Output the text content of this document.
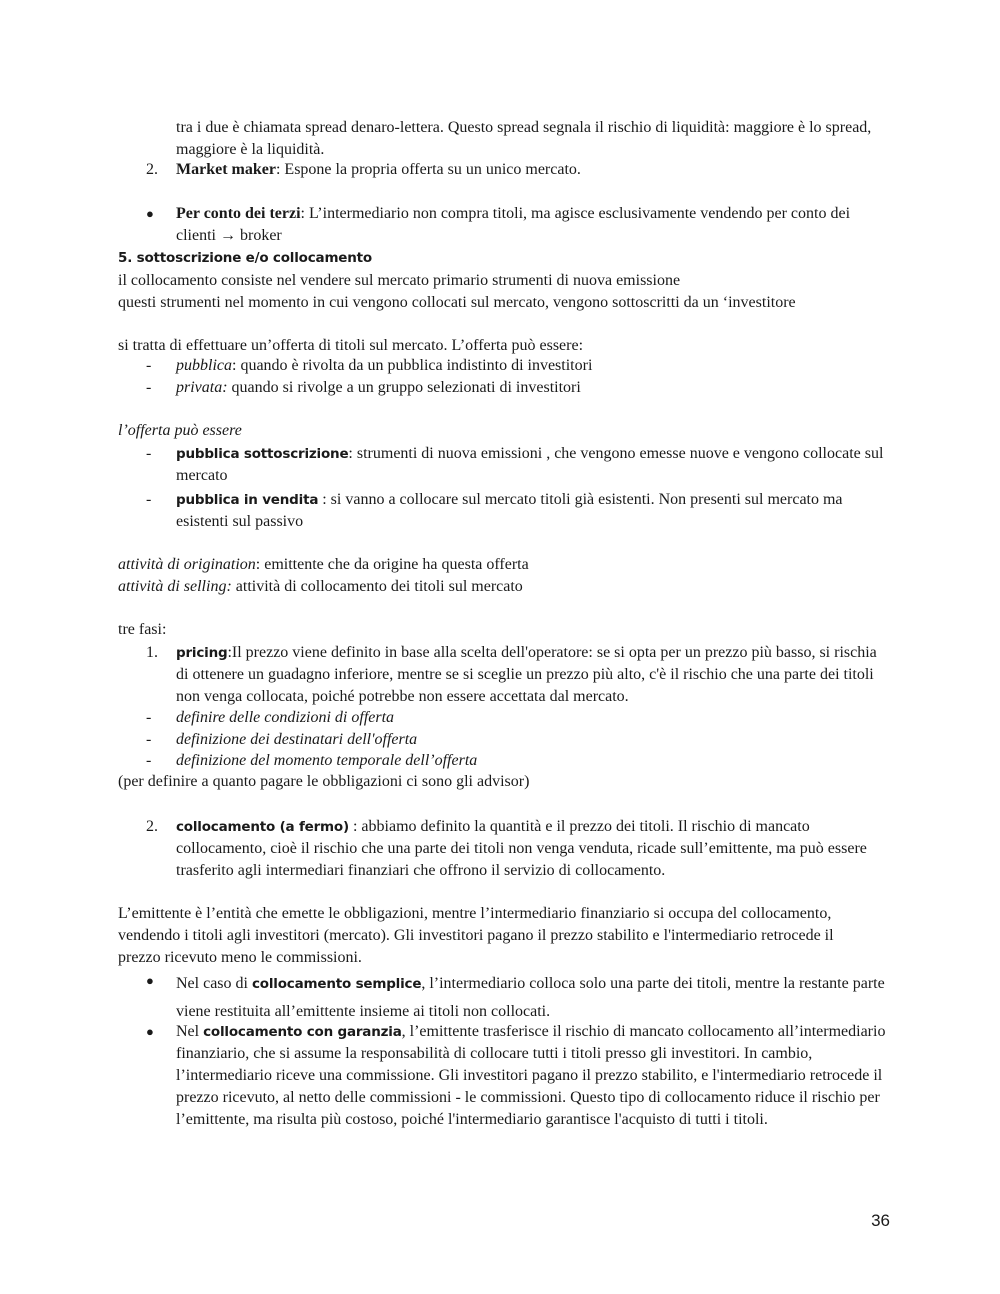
tra i due è chiamata spread denaro-lettera. Questo spread segnala il rischio di liquidità: maggiore è lo spread, maggiore è la liquidità.

2.	Market maker: Espone la propria offerta su un unico mercato.

●	Per conto dei terzi: L’intermediario non compra titoli, ma agisce esclusivamente vendendo per conto dei clienti → broker

5. sottoscrizione e/o collocamento

il collocamento consiste nel vendere sul mercato primario strumenti di nuova emissione

questi strumenti nel momento in cui vengono collocati sul mercato, vengono sottoscritti da un ‘investitore

si tratta di effettuare un’offerta di titoli sul mercato. L’offerta può essere:

-	pubblica: quando è rivolta da un pubblica indistinto di investitori

-	privata: quando si rivolge a un gruppo selezionati di investitori

l’offerta può essere

-	pubblica sottoscrizione: strumenti di nuova emissioni , che vengono emesse nuove e vengono collocate sul mercato

-	pubblica in vendita : si vanno a collocare sul mercato titoli già esistenti. Non presenti sul mercato ma esistenti sul passivo

attività di origination: emittente che da origine ha questa offerta

attività di selling: attività di collocamento dei titoli sul mercato

tre fasi:

1.	pricing:Il prezzo viene definito in base alla scelta dell'operatore: se si opta per un prezzo più basso, si rischia di ottenere un guadagno inferiore, mentre se si sceglie un prezzo più alto, c'è il rischio che una parte dei titoli non venga collocata, poiché potrebbe non essere accettata dal mercato.

-	definire delle condizioni di offerta

-	definizione dei destinatari dell'offerta

-	definizione del momento temporale dell’offerta

(per definire a quanto pagare le obbligazioni ci sono gli advisor)

2.	collocamento (a fermo) : abbiamo definito la quantità e il prezzo dei titoli. Il rischio di mancato collocamento, cioè il rischio che una parte dei titoli non venga venduta, ricade sull’emittente, ma può essere trasferito agli intermediari finanziari che offrono il servizio di collocamento.

L’emittente è l’entità che emette le obbligazioni, mentre l’intermediario finanziario si occupa del collocamento, vendendo i titoli agli investitori (mercato). Gli investitori pagano il prezzo stabilito e l'intermediario retrocede il prezzo ricevuto meno le commissioni.

●	Nel caso di collocamento semplice, l’intermediario colloca solo una parte dei titoli, mentre la restante parte viene restituita all’emittente insieme ai titoli non collocati.

●	Nel collocamento con garanzia, l’emittente trasferisce il rischio di mancato collocamento all’intermediario finanziario, che si assume la responsabilità di collocare tutti i titoli presso gli investitori. In cambio, l’intermediario riceve una commissione. Gli investitori pagano il prezzo stabilito, e l'intermediario retrocede il prezzo ricevuto, al netto delle commissioni - le commissioni. Questo tipo di collocamento riduce il rischio per l’emittente, ma risulta più costoso, poiché l'intermediario garantisce l'acquisto di tutti i titoli.

36
